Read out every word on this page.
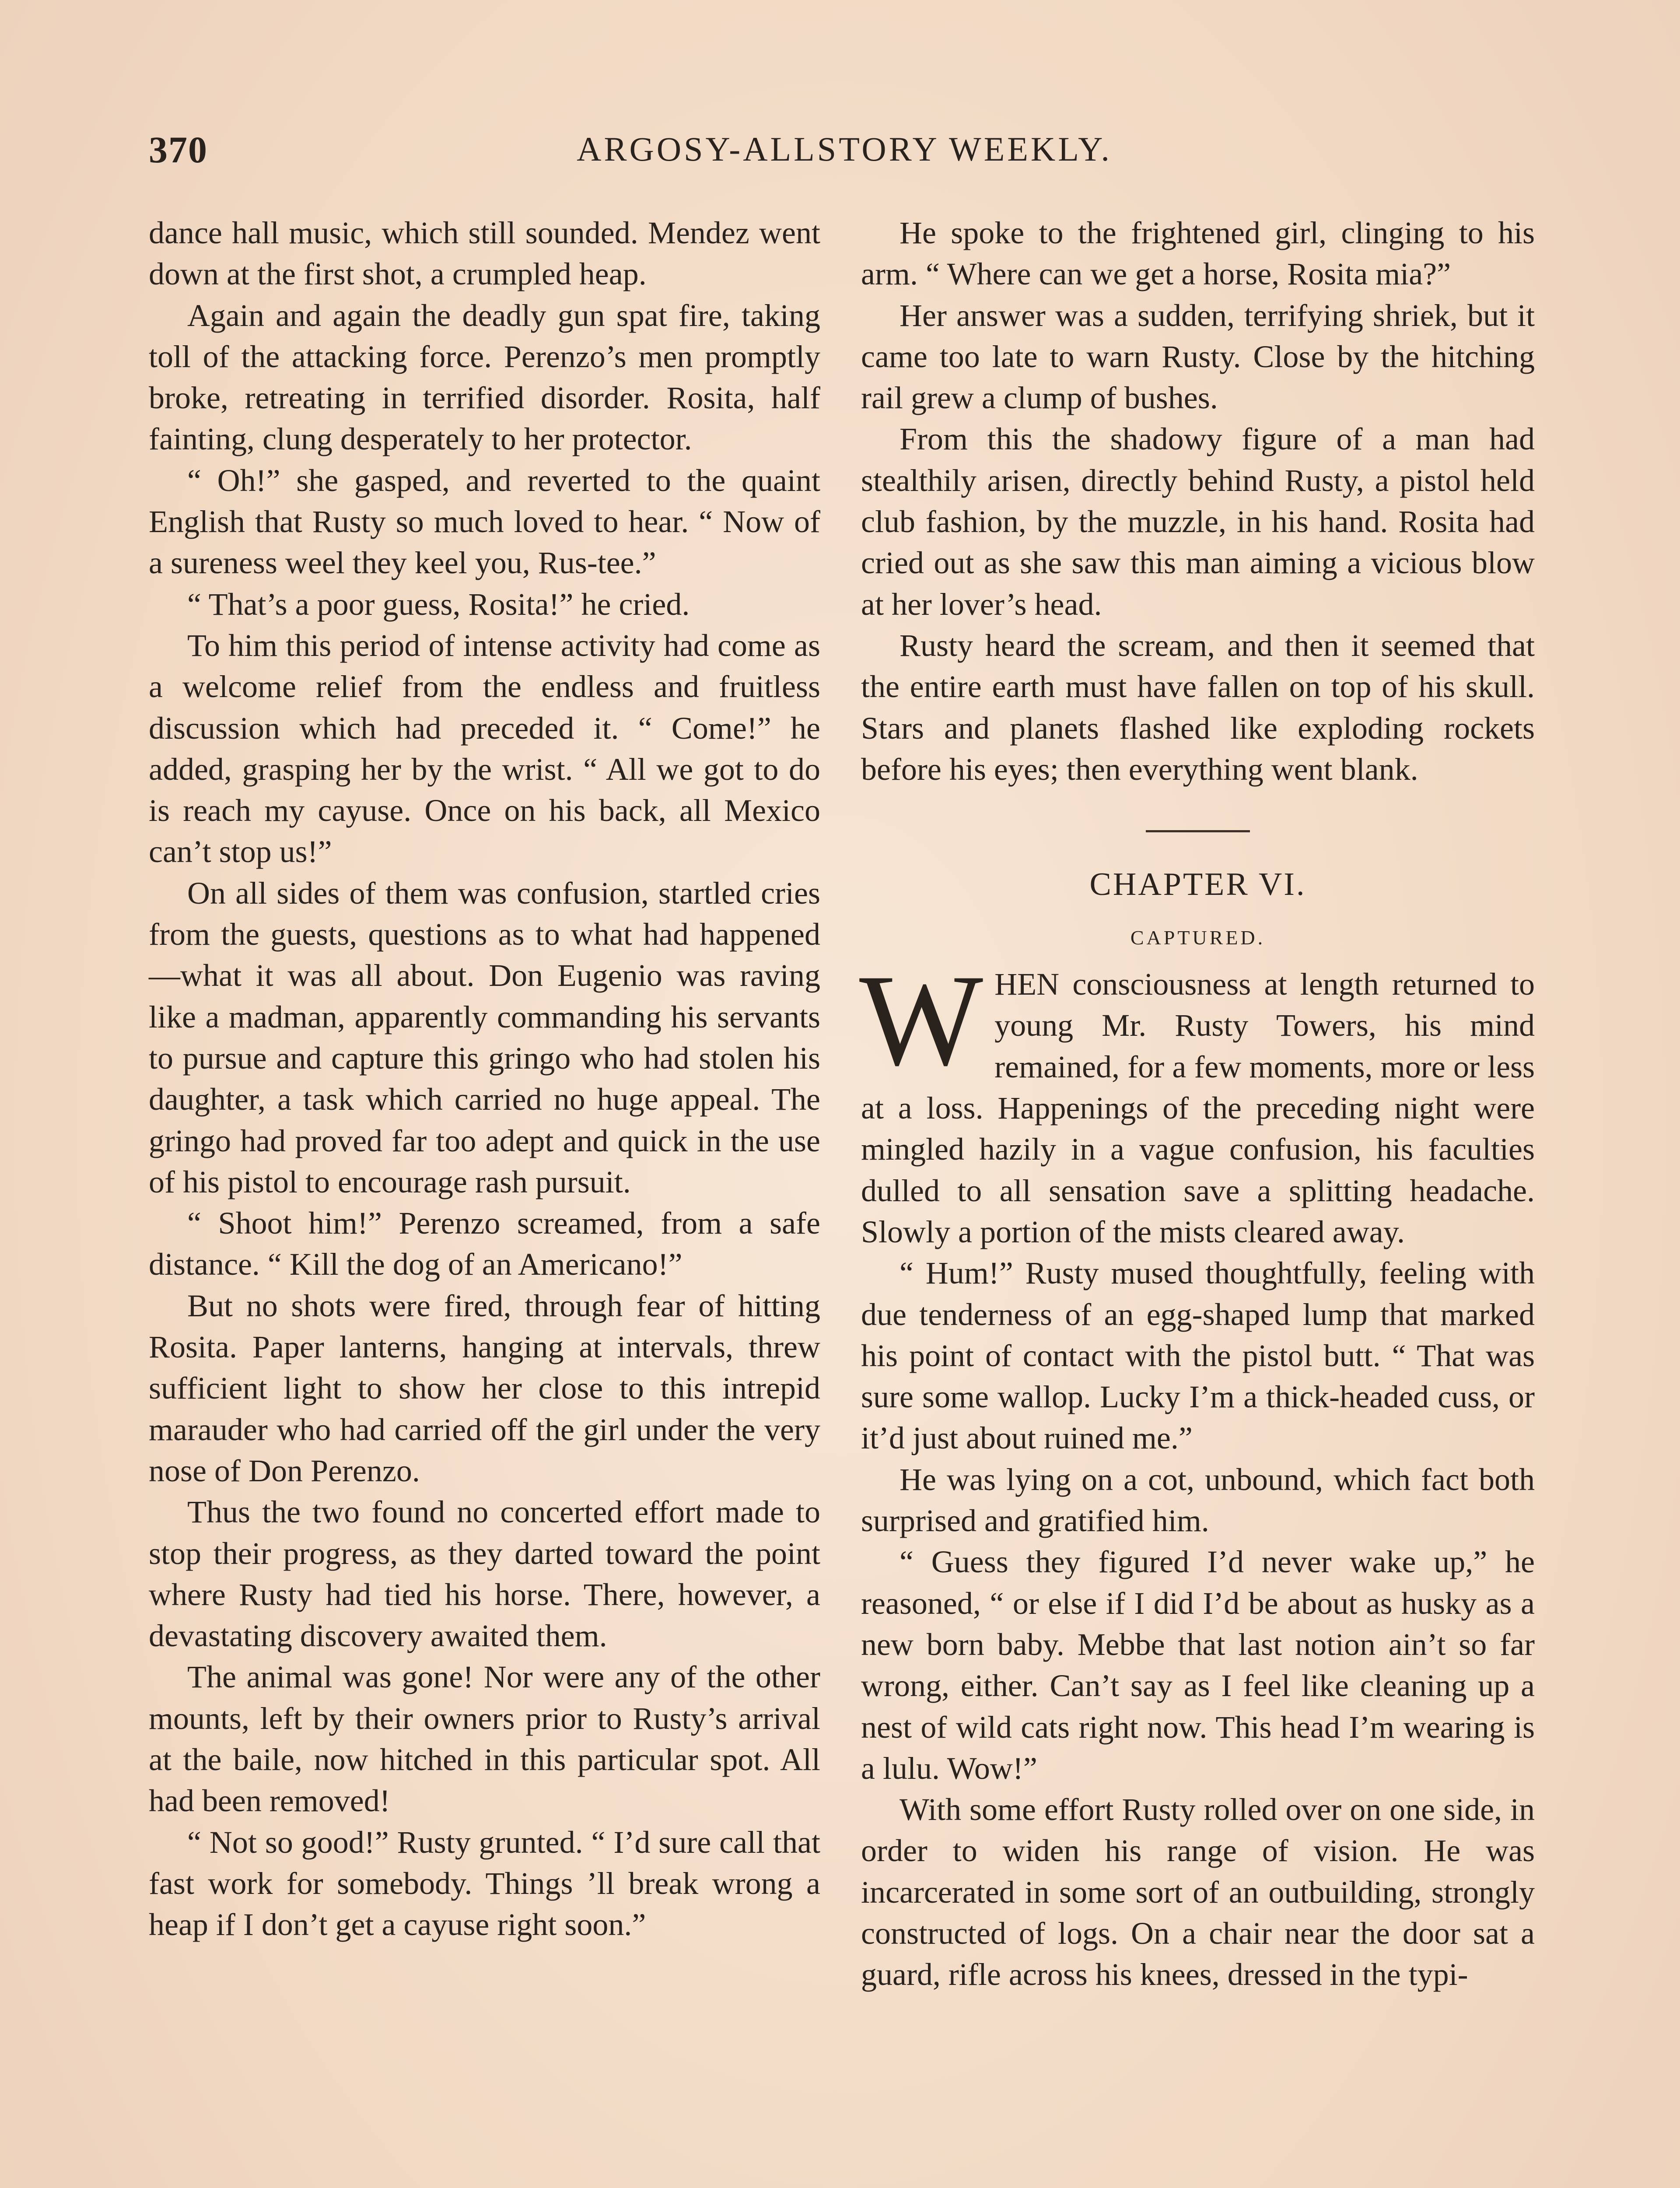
370	ARGOSY-ALLSTORY WEEKLY.

dance hall music, which still sounded. Mendez went down at the first shot, a crumpled heap.

Again and again the deadly gun spat fire, taking toll of the attacking force. Perenzo’s men promptly broke, retreating in terrified disorder. Rosita, half fainting, clung desperately to her protector.

“ Oh!” she gasped, and reverted to the quaint English that Rusty so much loved to hear. “ Now of a sureness weel they keel you, Rus-tee.”

“ That’s a poor guess, Rosita!” he cried.

To him this period of intense activity had come as a welcome relief from the endless and fruitless discussion which had preceded it. “ Come!” he added, grasping her by the wrist. “ All we got to do is reach my cayuse. Once on his back, all Mexico can’t stop us!”

On all sides of them was confusion, startled cries from the guests, questions as to what had happened—what it was all about. Don Eugenio was raving like a madman, apparently commanding his servants to pursue and capture this gringo who had stolen his daughter, a task which carried no huge appeal. The gringo had proved far too adept and quick in the use of his pistol to encourage rash pursuit.

“ Shoot him!” Perenzo screamed, from a safe distance. “ Kill the dog of an Americano!”

But no shots were fired, through fear of hitting Rosita. Paper lanterns, hanging at intervals, threw sufficient light to show her close to this intrepid marauder who had carried off the girl under the very nose of Don Perenzo.

Thus the two found no concerted effort made to stop their progress, as they darted toward the point where Rusty had tied his horse. There, however, a devastating discovery awaited them.

The animal was gone! Nor were any of the other mounts, left by their owners prior to Rusty’s arrival at the baile, now hitched in this particular spot. All had been removed!

“ Not so good!” Rusty grunted. “ I’d sure call that fast work for somebody. Things ’ll break wrong a heap if I don’t get a cayuse right soon.”

He spoke to the frightened girl, clinging to his arm. “ Where can we get a horse, Rosita mia?”

Her answer was a sudden, terrifying shriek, but it came too late to warn Rusty. Close by the hitching rail grew a clump of bushes.

From this the shadowy figure of a man had stealthily arisen, directly behind Rusty, a pistol held club fashion, by the muzzle, in his hand. Rosita had cried out as she saw this man aiming a vicious blow at her lover’s head.

Rusty heard the scream, and then it seemed that the entire earth must have fallen on top of his skull. Stars and planets flashed like exploding rockets before his eyes; then everything went blank.

CHAPTER VI.
CAPTURED.

WHEN consciousness at length returned to young Mr. Rusty Towers, his mind remained, for a few moments, more or less at a loss. Happenings of the preceding night were mingled hazily in a vague confusion, his faculties dulled to all sensation save a splitting headache. Slowly a portion of the mists cleared away.

“ Hum!” Rusty mused thoughtfully, feeling with due tenderness of an egg-shaped lump that marked his point of contact with the pistol butt. “ That was sure some wallop. Lucky I’m a thick-headed cuss, or it’d just about ruined me.”

He was lying on a cot, unbound, which fact both surprised and gratified him.

“ Guess they figured I’d never wake up,” he reasoned, “ or else if I did I’d be about as husky as a new born baby. Mebbe that last notion ain’t so far wrong, either. Can’t say as I feel like cleaning up a nest of wild cats right now. This head I’m wearing is a lulu. Wow!”

With some effort Rusty rolled over on one side, in order to widen his range of vision. He was incarcerated in some sort of an outbuilding, strongly constructed of logs. On a chair near the door sat a guard, rifle across his knees, dressed in the typi-
